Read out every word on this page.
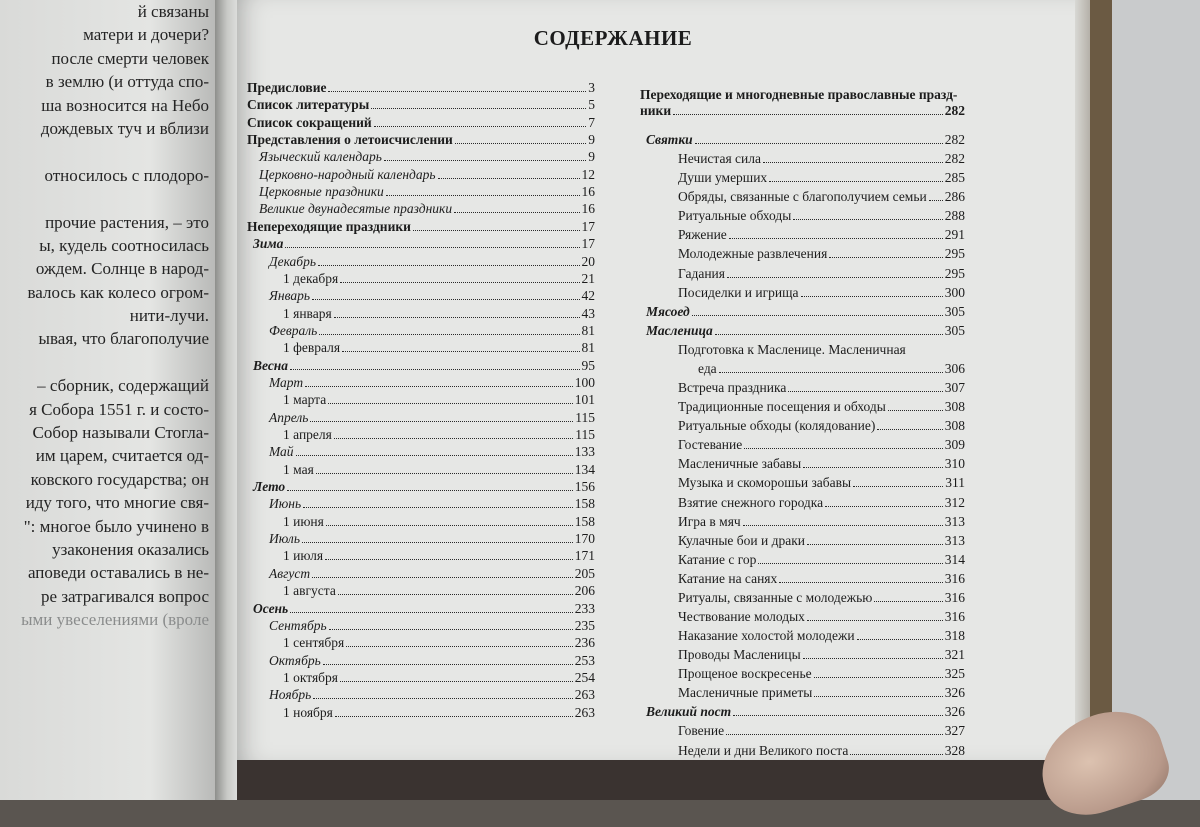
й связаны
матери и дочери?
после смерти человек
в землю (и оттуда спо-
ша возносится на Небо
дождевых туч и вблизи
относилось с плодоро-
прочие растения, – это
ы, кудель соотносилась
ождем. Солнце в народ-
валось как колесо огром-
нити-лучи.
ывая, что благополучие
– сборник, содержащий
я Собора 1551 г. и состо-
Собор называли Стогла-
им царем, считается од-
ковского государства; он
иду того, что многие свя-
": многое было учинено в
узаконения оказались
аповеди оставались в не-
ре затрагивался вопрос
ыми увеселениями (вроле
СОДЕРЖАНИЕ
Предисловие	3
Список литературы	5
Список сокращений	7
Представления о летоисчислении	9
Языческий календарь	9
Церковно-народный календарь	12
Церковные праздники	16
Великие двунадесятые праздники	16
Непереходящие праздники	17
Зима	17
Декабрь	20
1 декабря	21
Январь	42
1 января	43
Февраль	81
1 февраля	81
Весна	95
Март	100
1 марта	101
Апрель	115
1 апреля	115
Май	133
1 мая	134
Лето	156
Июнь	158
1 июня	158
Июль	170
1 июля	171
Август	205
1 августа	206
Осень	233
Сентябрь	235
1 сентября	236
Октябрь	253
1 октября	254
Ноябрь	263
1 ноября	263
Переходящие и многодневные православные празд-
ники	282
Святки	282
Нечистая сила	282
Души умерших	285
Обряды, связанные с благополучием семьи 286
Ритуальные обходы	288
Ряжение	291
Молодежные развлечения	295
Гадания	295
Посиделки и игрища	300
Мясоед	305
Масленица	305
Подготовка к Масленице. Масленичная
еда	306
Встреча праздника	307
Традиционные посещения и обходы	308
Ритуальные обходы (колядование)	308
Гостевание	309
Масленичные забавы	310
Музыка и скоморошьи забавы	311
Взятие снежного городка	312
Игра в мяч	313
Кулачные бои и драки	313
Катание с гор	314
Катание на санях	316
Ритуалы, связанные с молодежью	316
Чествование молодых	316
Наказание холостой молодежи	318
Проводы Масленицы	321
Прощеное воскресенье	325
Масленичные приметы	326
Великий пост	326
Говение	327
Недели и дни Великого поста	328
